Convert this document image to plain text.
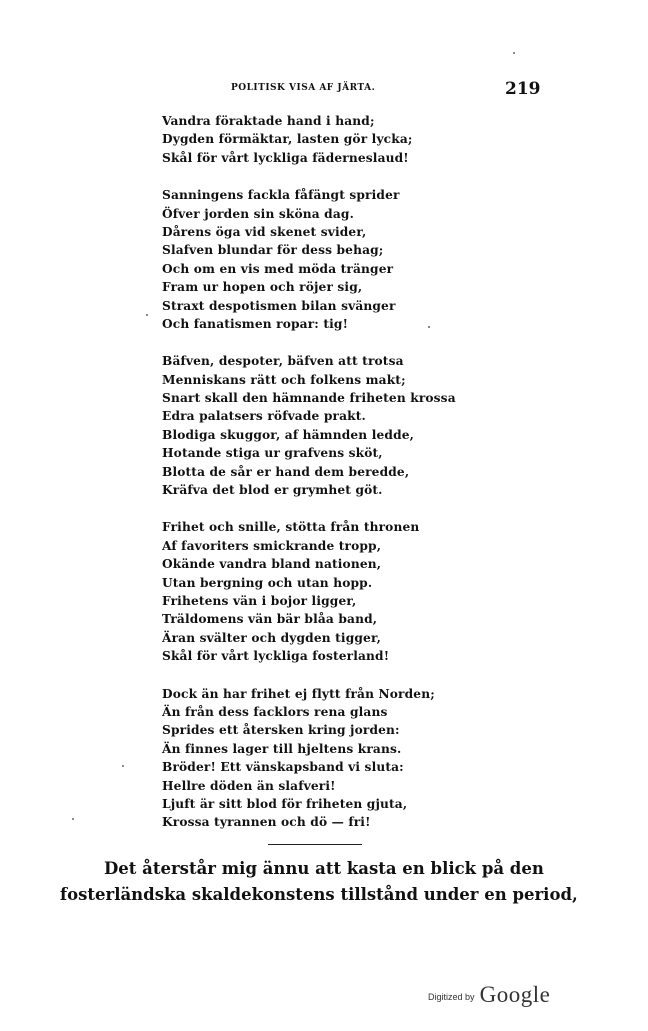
POLITISK VISA AF JÄRTA.	219
Vandra föraktade hand i hand;
Dygden förmäktar, lasten gör lycka;
Skål för vårt lyckliga fäderneslaud!
Sanningens fackla fåfängt sprider
Öfver jorden sin sköna dag.
Dårens öga vid skenet svider,
Slafven blundar för dess behag;
Och om en vis med möda tränger
Fram ur hopen och röjer sig,
Straxt despotismen bilan svänger
Och fanatismen ropar: tig!
Bäfven, despoter, bäfven att trotsa
Menniskans rätt och folkens makt;
Snart skall den hämnande friheten krossa
Edra palatsers röfvade prakt.
Blodiga skuggor, af hämnden ledde,
Hotande stiga ur grafvens sköt,
Blotta de sår er hand dem beredde,
Kräfva det blod er grymhet göt.
Frihet och snille, stötta från thronen
Af favoriters smickrande tropp,
Okände vandra bland nationen,
Utan bergning och utan hopp.
Frihetens vän i bojor ligger,
Träldomens vän bär blåa band,
Äran svälter och dygden tigger,
Skål för vårt lyckliga fosterland!
Dock än har frihet ej flytt från Norden;
Än från dess facklors rena glans
Sprides ett återsken kring jorden:
Än finnes lager till hjeltens krans.
Bröder! Ett vänskapsband vi sluta:
Hellre döden än slafveri!
Ljuft är sitt blod för friheten gjuta,
Krossa tyrannen och dö — fri!
Det återstår mig ännu att kasta en blick på den
fosterländska skaldekonstens tillstånd under en period,
Digitized by Google
